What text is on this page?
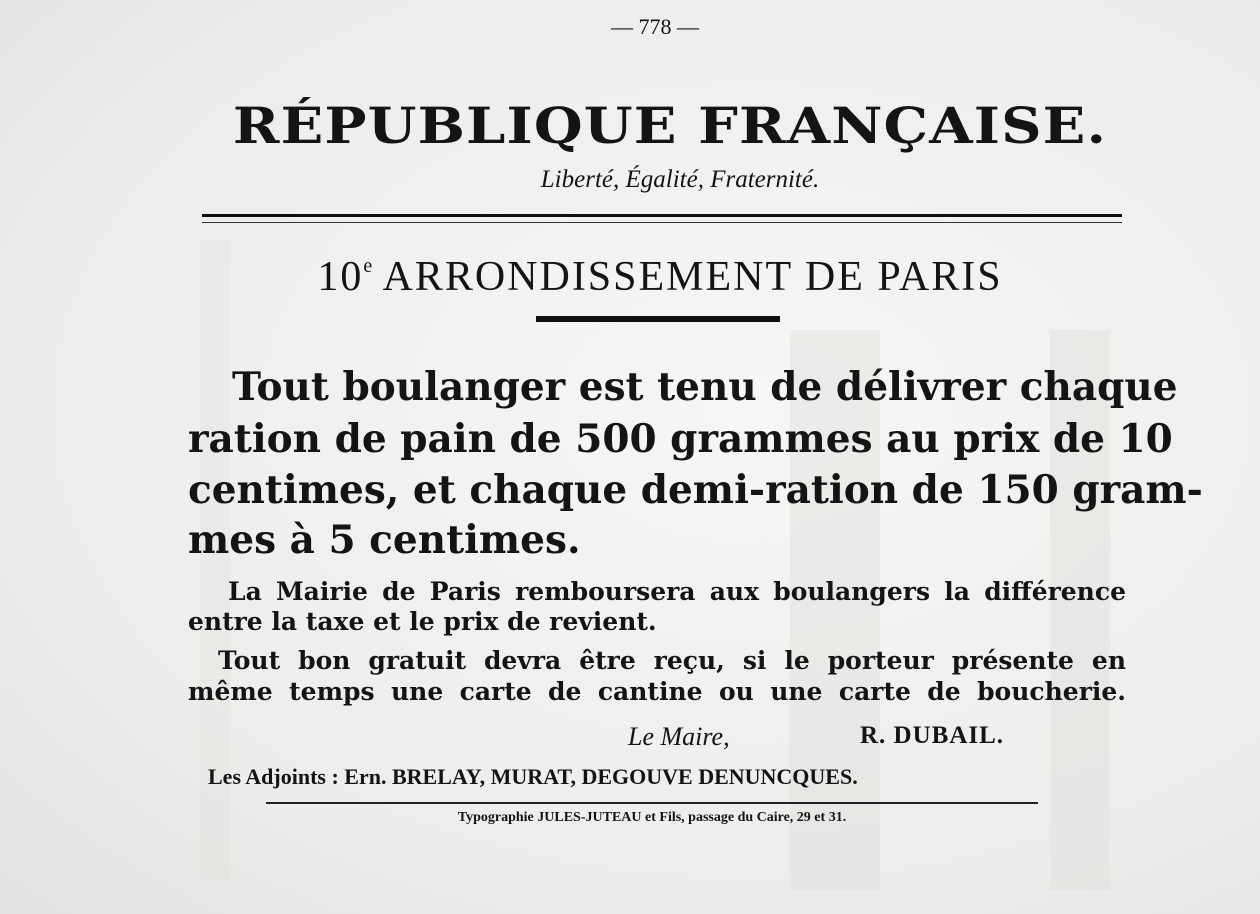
— 778 —
RÉPUBLIQUE FRANÇAISE.
Liberté, Égalité, Fraternité.
10e ARRONDISSEMENT DE PARIS
Tout boulanger est tenu de délivrer chaque
ration de pain de 500 grammes au prix de 10
centimes, et chaque demi-ration de 150 gram-
mes à 5 centimes.
La Mairie de Paris remboursera aux boulangers la différence
entre la taxe et le prix de revient.
Tout bon gratuit devra être reçu, si le porteur présente en
même temps une carte de cantine ou une carte de boucherie.
Le Maire,	R. DUBAIL.
Les Adjoints : Ern. BRELAY, MURAT, DEGOUVE DENUNCQUES.
Typographie JULES-JUTEAU et Fils, passage du Caire, 29 et 31.
